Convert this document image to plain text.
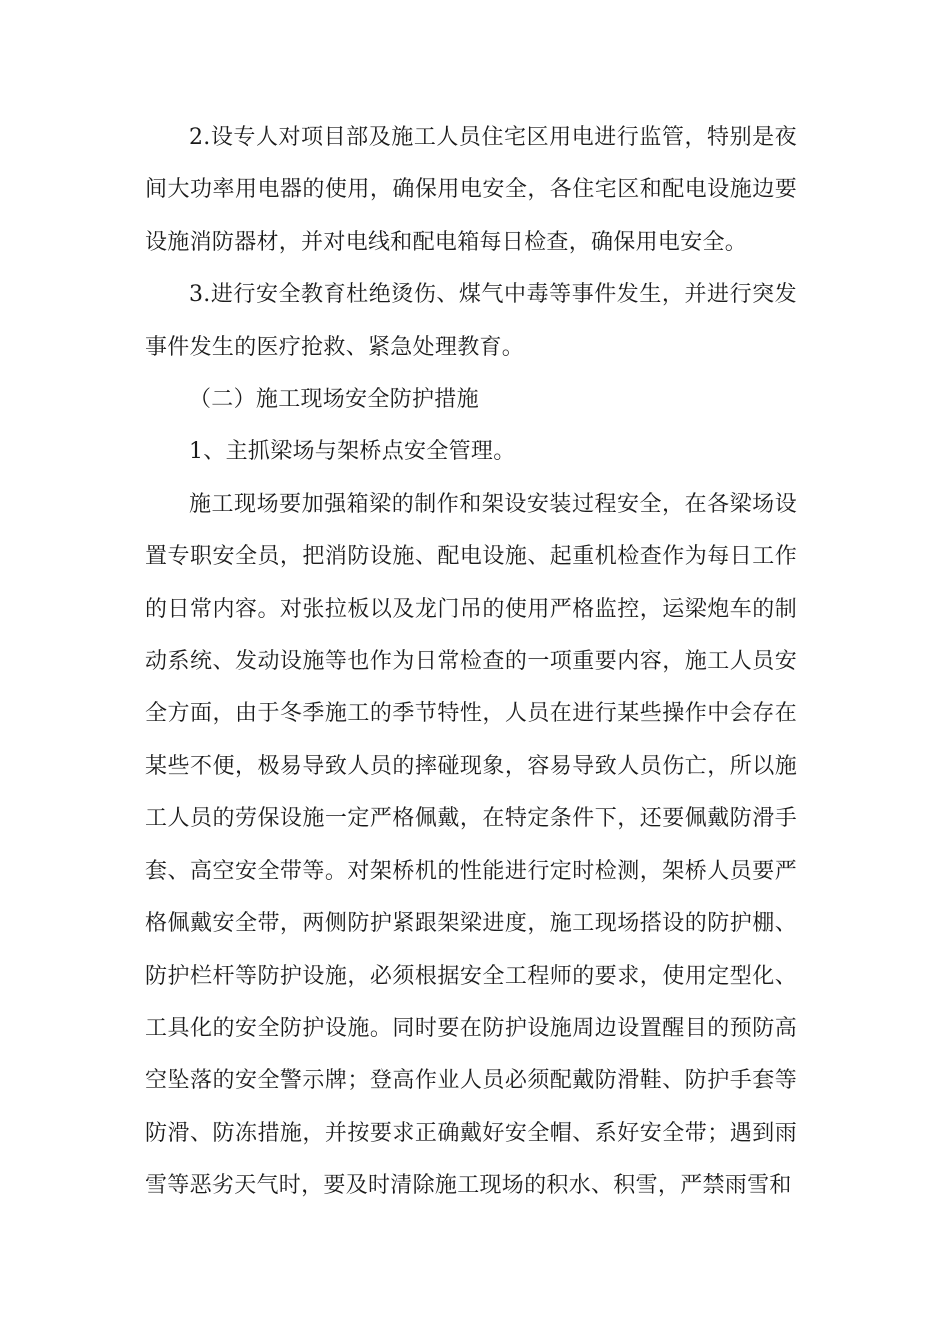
2.设专人对项目部及施工人员住宅区用电进行监管，特别是夜间大功率用电器的使用，确保用电安全，各住宅区和配电设施边要设施消防器材，并对电线和配电箱每日检查，确保用电安全。

3.进行安全教育杜绝烫伤、煤气中毒等事件发生，并进行突发事件发生的医疗抢救、紧急处理教育。

（二）施工现场安全防护措施

1、主抓梁场与架桥点安全管理。

施工现场要加强箱梁的制作和架设安装过程安全，在各梁场设置专职安全员，把消防设施、配电设施、起重机检查作为每日工作的日常内容。对张拉板以及龙门吊的使用严格监控，运梁炮车的制动系统、发动设施等也作为日常检查的一项重要内容，施工人员安全方面，由于冬季施工的季节特性，人员在进行某些操作中会存在某些不便，极易导致人员的摔碰现象，容易导致人员伤亡，所以施工人员的劳保设施一定严格佩戴，在特定条件下，还要佩戴防滑手套、高空安全带等。对架桥机的性能进行定时检测，架桥人员要严格佩戴安全带，两侧防护紧跟架梁进度，施工现场搭设的防护棚、防护栏杆等防护设施，必须根据安全工程师的要求，使用定型化、工具化的安全防护设施。同时要在防护设施周边设置醒目的预防高空坠落的安全警示牌；登高作业人员必须配戴防滑鞋、防护手套等防滑、防冻措施，并按要求正确戴好安全帽、系好安全带；遇到雨雪等恶劣天气时，要及时清除施工现场的积水、积雪，严禁雨雪和
